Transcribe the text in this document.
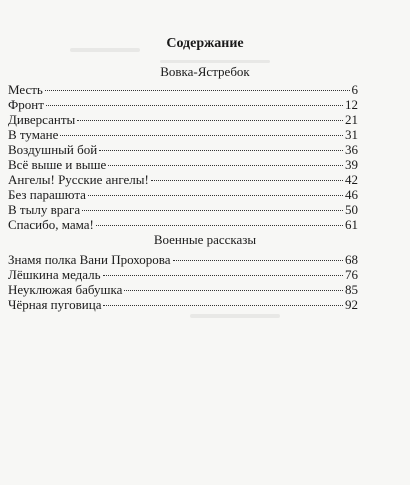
Содержание
Вовка-Ястребок
Месть	6
Фронт	12
Диверсанты	21
В тумане	31
Воздушный бой	36
Всё выше и выше	39
Ангелы! Русские ангелы!	42
Без парашюта	46
В тылу врага	50
Спасибо, мама!	61
Военные рассказы
Знамя полка Вани Прохорова	68
Лёшкина медаль	76
Неуклюжая бабушка	85
Чёрная пуговица	92
